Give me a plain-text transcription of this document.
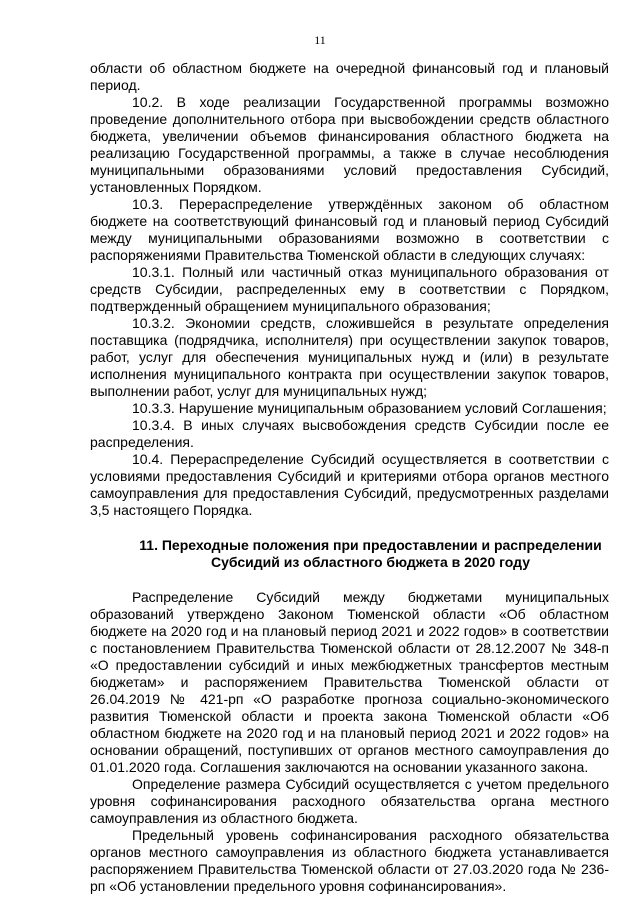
11

области об областном бюджете на очередной финансовый год и плановый период.

10.2. В ходе реализации Государственной программы возможно проведение дополнительного отбора при высвобождении средств областного бюджета, увеличении объемов финансирования областного бюджета на реализацию Государственной программы, а также в случае несоблюдения муниципальными образованиями условий предоставления Субсидий, установленных Порядком.

10.3. Перераспределение утверждённых законом об областном бюджете на соответствующий финансовый год и плановый период Субсидий между муниципальными образованиями возможно в соответствии с распоряжениями Правительства Тюменской области в следующих случаях:

10.3.1. Полный или частичный отказ муниципального образования от средств Субсидии, распределенных ему в соответствии с Порядком, подтвержденный обращением муниципального образования;

10.3.2. Экономии средств, сложившейся в результате определения поставщика (подрядчика, исполнителя) при осуществлении закупок товаров, работ, услуг для обеспечения муниципальных нужд и (или) в результате исполнения муниципального контракта при осуществлении закупок товаров, выполнении работ, услуг для муниципальных нужд;

10.3.3. Нарушение муниципальным образованием условий Соглашения;

10.3.4. В иных случаях высвобождения средств Субсидии после ее распределения.

10.4. Перераспределение Субсидий осуществляется в соответствии с условиями предоставления Субсидий и критериями отбора органов местного самоуправления для предоставления Субсидий, предусмотренных разделами 3,5 настоящего Порядка.

11. Переходные положения при предоставлении и распределении

Субсидий из областного бюджета в 2020 году

Распределение Субсидий между бюджетами муниципальных образований утверждено Законом Тюменской области «Об областном бюджете на 2020 год и на плановый период 2021 и 2022 годов» в соответствии с постановлением Правительства Тюменской области от 28.12.2007 № 348-п «О предоставлении субсидий и иных межбюджетных трансфертов местным бюджетам» и распоряжением Правительства Тюменской области от 26.04.2019 № 421-рп «О разработке прогноза социально-экономического развития Тюменской области и проекта закона Тюменской области «Об областном бюджете на 2020 год и на плановый период 2021 и 2022 годов» на основании обращений, поступивших от органов местного самоуправления до 01.01.2020 года. Соглашения заключаются на основании указанного закона.

Определение размера Субсидий осуществляется с учетом предельного уровня софинансирования расходного обязательства органа местного самоуправления из областного бюджета.

Предельный уровень софинансирования расходного обязательства органов местного самоуправления из областного бюджета устанавливается распоряжением Правительства Тюменской области от 27.03.2020 года № 236-рп «Об установлении предельного уровня софинансирования».
